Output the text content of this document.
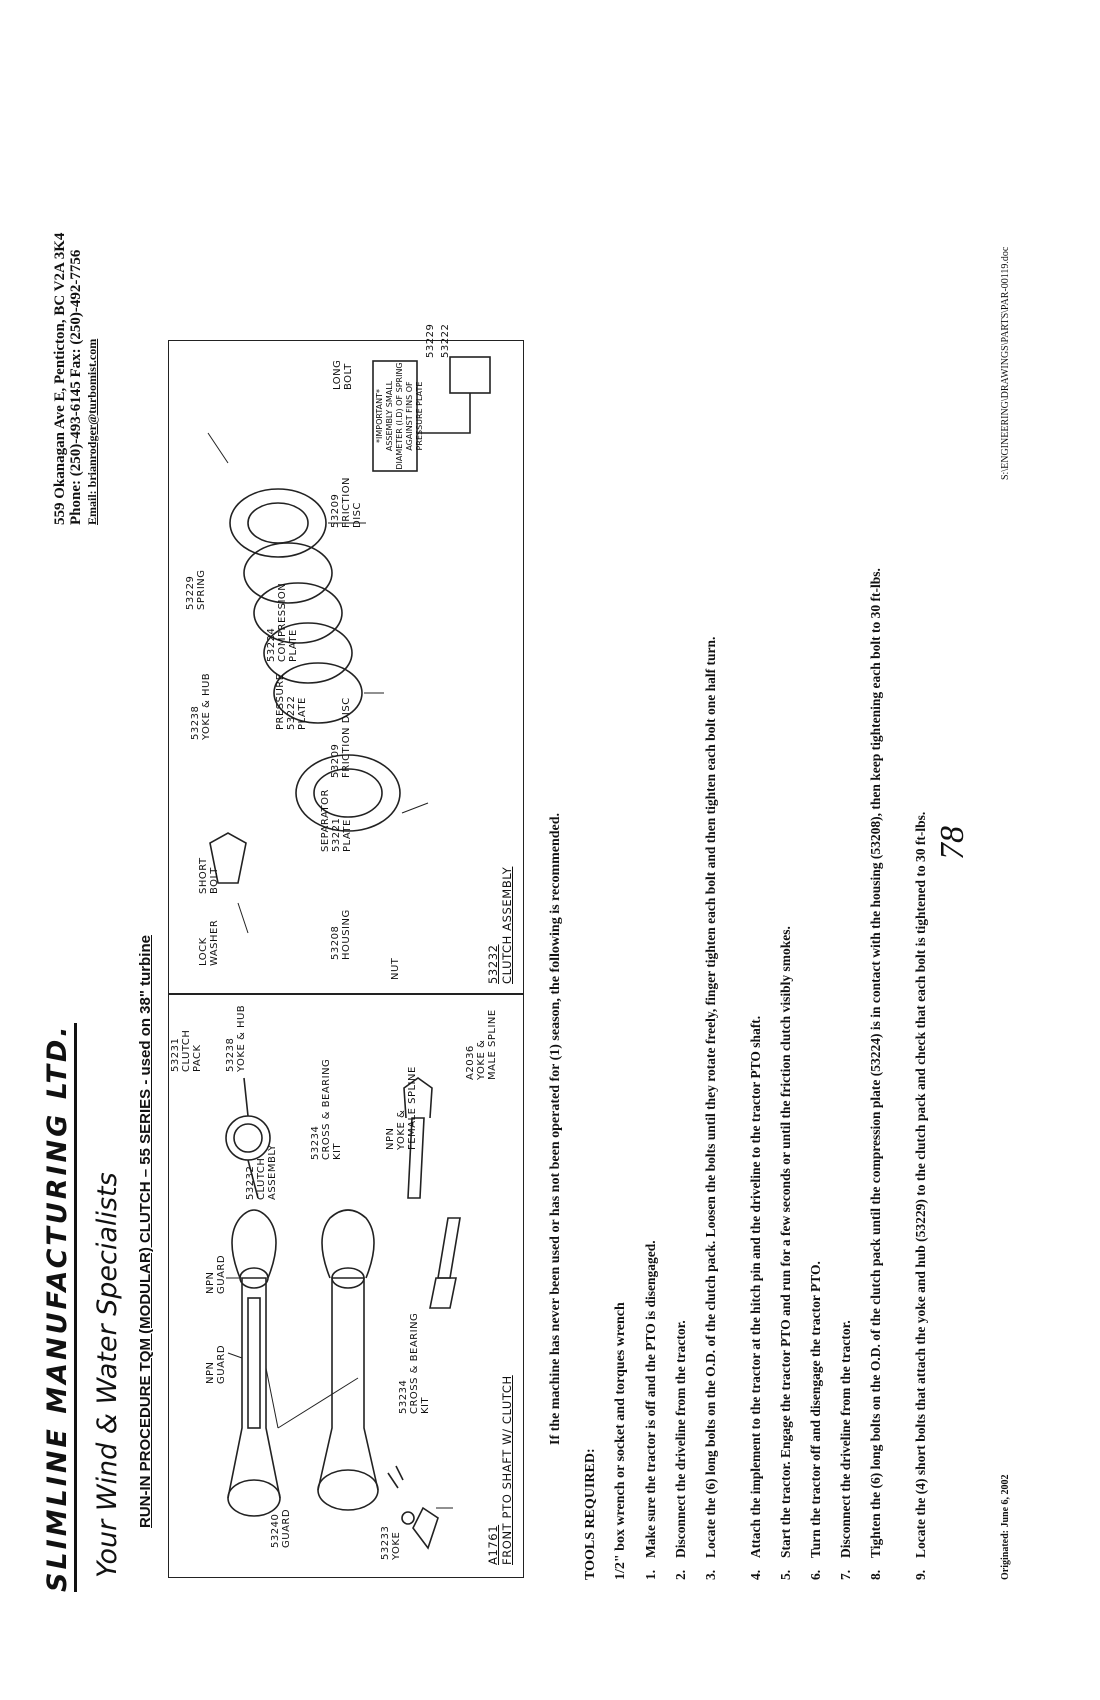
SLIMLINE MANUFACTURING LTD. Your Wind & Water Specialists
559 Okanagan Ave E, Penticton, BC V2A 3K4 Phone: (250)-493-6145 Fax: (250)-492-7756 Email: brianrodger@turbomist.com
RUN-IN PROCEDURE TQM (MODULAR) CLUTCH – 55 SERIES - used on 38" turbine
53240
GUARD
NPN
GUARD
NPN
GUARD
53233
YOKE
53234
CROSS & BEARING
KIT
53232
CLUTCH
ASSEMBLY
53234
CROSS & BEARING
KIT
53231
CLUTCH
PACK 53238
YOKE & HUB
NPN
YOKE &
FEMALE SPLINE
A2036
YOKE &
MALE SPLINE
A1761 FRONT PTO SHAFT W/ CLUTCH
LOCK
WASHER
SHORT
BOLT
SEPARATOR
53221
PLATE
53209
FRICTION DISC
53208
HOUSING
NUT
PRESSURE
53222
PLATE
53224
COMPRESSION
PLATE
53209
FRICTION
DISC
53229
SPRING
53238
YOKE & HUB
LONG
BOLT
53229 53222
*IMPORTANT* ASSEMBLY SMALL DIAMETER (I.D) OF SPRING AGAINST FINS OF PRESSURE PLATE
53232 CLUTCH ASSEMBLY If the machine has never been used or has not been operated for (1) season, the following is recommended.
TOOLS REQUIRED: 1/2" box wrench or socket and torques wrench 1.Make sure the tractor is off and the PTO is disengaged.
2.Disconnect the driveline from the tractor.
3.Locate the (6) long bolts on the O.D. of the clutch pack. Loosen the bolts until they rotate freely, finger tighten each bolt and then tighten each bolt one half turn.
4.Attach the implement to the tractor at the hitch pin and the driveline to the tractor PTO shaft.
5.Start the tractor. Engage the tractor PTO and run for a few seconds or until the friction clutch visibly smokes.
6.Turn the tractor off and disengage the tractor PTO.
7.Disconnect the driveline from the tractor.
8.Tighten the (6) long bolts on the O.D. of the clutch pack until the compression plate (53224) is in contact with the housing (53208), then keep tightening each bolt to 30 ft-lbs.
9.Locate the (4) short bolts that attach the yoke and hub (53229) to the clutch pack and check that each bolt is tightened to 30 ft-lbs. 78
Originated: June 6, 2002
S:\ENGINEERING\DRAWINGS\PARTS\PAR-00119.doc
